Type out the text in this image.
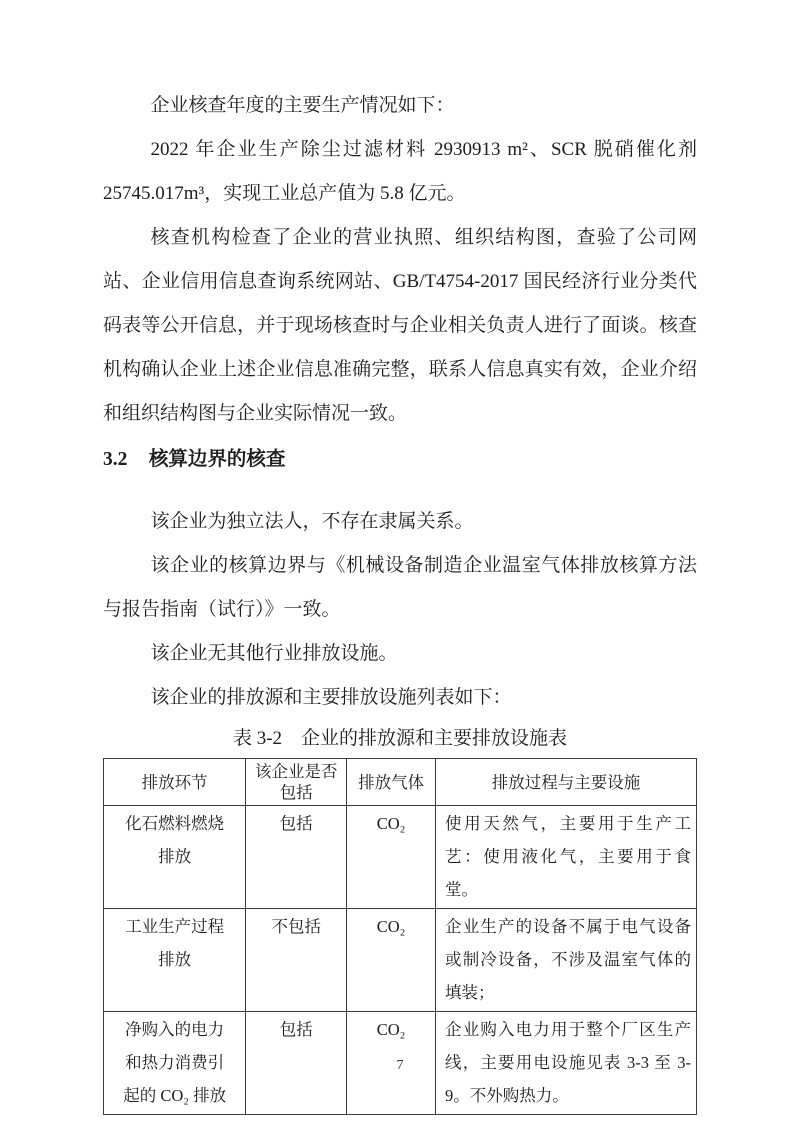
企业核查年度的主要生产情况如下：

2022 年企业生产除尘过滤材料 2930913 m²、SCR 脱硝催化剂 25745.017m³，实现工业总产值为 5.8 亿元。

核查机构检查了企业的营业执照、组织结构图，查验了公司网站、企业信用信息查询系统网站、GB/T4754-2017 国民经济行业分类代码表等公开信息，并于现场核查时与企业相关负责人进行了面谈。核查机构确认企业上述企业信息准确完整，联系人信息真实有效，企业介绍和组织结构图与企业实际情况一致。

3.2 核算边界的核查

该企业为独立法人，不存在隶属关系。

该企业的核算边界与《机械设备制造企业温室气体排放核算方法与报告指南（试行）》一致。

该企业无其他行业排放设施。

该企业的排放源和主要排放设施列表如下：

表 3-2　企业的排放源和主要排放设施表
排放环节	该企业是否包括	排放气体	排放过程与主要设施
化石燃料燃烧排放	包括	CO₂	使用天然气，主要用于生产工艺：使用液化气，主要用于食堂。
工业生产过程排放	不包括	CO₂	企业生产的设备不属于电气设备或制冷设备，不涉及温室气体的填装；
净购入的电力和热力消费引起的 CO₂ 排放	包括	CO₂	企业购入电力用于整个厂区生产线，主要用电设施见表 3-3 至 3-9。不外购热力。
7
